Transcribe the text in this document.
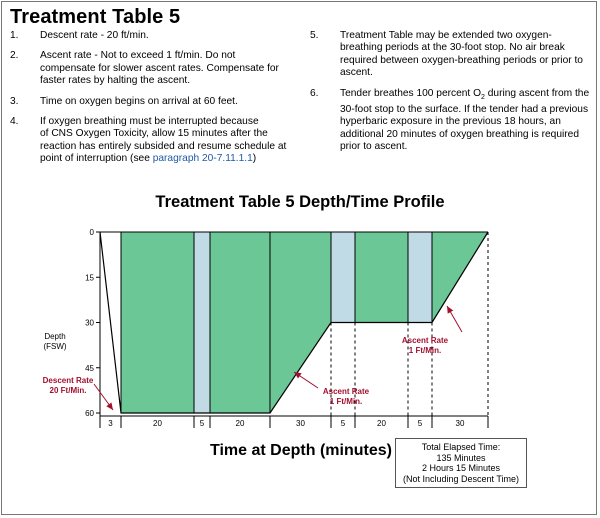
Treatment Table 5
1. Descent rate - 20 ft/min.
2. Ascent rate - Not to exceed 1 ft/min. Do not
compensate for slower ascent rates. Compensate for
faster rates by halting the ascent.
3. Time on oxygen begins on arrival at 60 feet.
4. If oxygen breathing must be interrupted because
of CNS Oxygen Toxicity, allow 15 minutes after the
reaction has entirely subsided and resume schedule at
point of interruption (see paragraph 20-7.11.1.1)
5. Treatment Table may be extended two oxygen-
breathing periods at the 30-foot stop. No air break
required between oxygen-breathing periods or prior to
ascent.
6. Tender breathes 100 percent $O_2$ during ascent from the
30-foot stop to the surface. If the tender had a previous
hyperbaric exposure in the previous 18 hours, an
additional 20 minutes of oxygen breathing is required
prior to ascent.
Treatment Table 5 Depth/Time Profile
0
15
30
45
60
Depth
(FSW)
3	20	5	20	30	5	20	5	30
Descent Rate
20 Ft/Min.	Ascent Rate
1 Ft/Min.
Ascent Rate
1 Ft/Min.
Time at Depth (minutes)	Total Elapsed Time:
135 Minutes
2 Hours 15 Minutes
(Not Including Descent Time)
